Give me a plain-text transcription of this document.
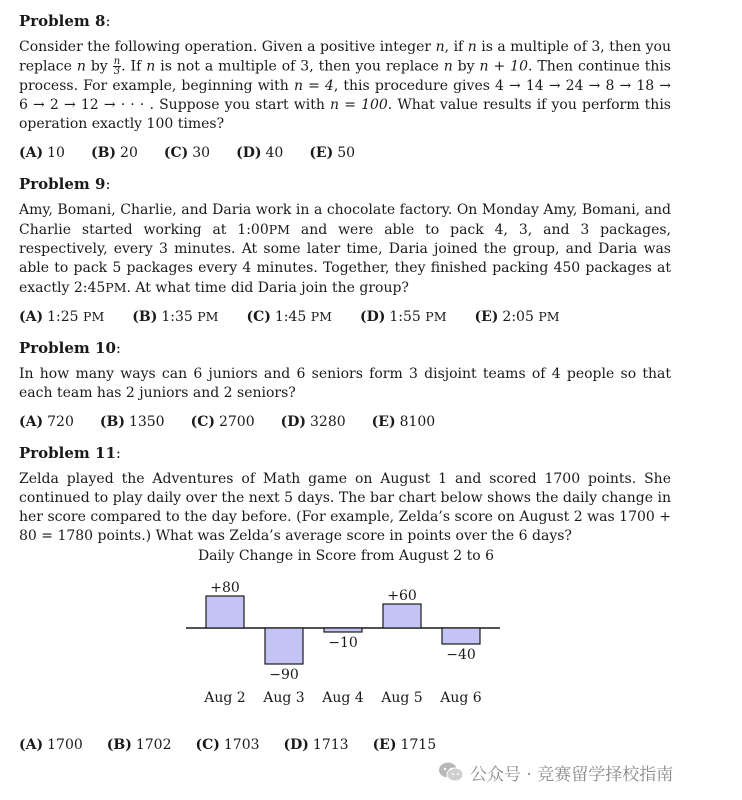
Problem 8:

Consider the following operation. Given a positive integer n, if n is a multiple of 3, then you replace n by $\frac{n}{3}$ . If n is not a multiple of 3, then you replace n by n + 10. Then continue this process. For example, beginning with n = 4, this procedure gives 4 → 14 → 24 → 8 → 18 → 6 → 2 → 12 → · · · . Suppose you start with n = 100. What value results if you perform this operation exactly 100 times?

(A) 10 (B) 20 (C) 30 (D) 40 (E) 50

Problem 9:

Amy, Bomani, Charlie, and Daria work in a chocolate factory. On Monday Amy, Bomani, and Charlie started working at 1:00PM and were able to pack 4, 3, and 3 packages, respectively, every 3 minutes. At some later time, Daria joined the group, and Daria was able to pack 5 packages every 4 minutes. Together, they finished packing 450 packages at exactly 2:45PM. At what time did Daria join the group?

(A) 1:25 PM (B) 1:35 PM (C) 1:45 PM (D) 1:55 PM (E) 2:05 PM

Problem 10:

In how many ways can 6 juniors and 6 seniors form 3 disjoint teams of 4 people so that each team has 2 juniors and 2 seniors?

(A) 720 (B) 1350 (C) 2700 (D) 3280 (E) 8100

Problem 11:

Zelda played the Adventures of Math game on August 1 and scored 1700 points. She continued to play daily over the next 5 days. The bar chart below shows the daily change in her score compared to the day before. (For example, Zelda’s score on August 2 was 1700 + 80 = 1780 points.) What was Zelda’s average score in points over the 6 days?

Daily Change in Score from August 2 to 6
+80
Aug 2
−90
Aug 3
−10
Aug 4
+60
Aug 5
−40
Aug 6
(A) 1700 (B) 1702 (C) 1703 (D) 1713 (E) 1715
公众号 · 竞赛留学择校指南
